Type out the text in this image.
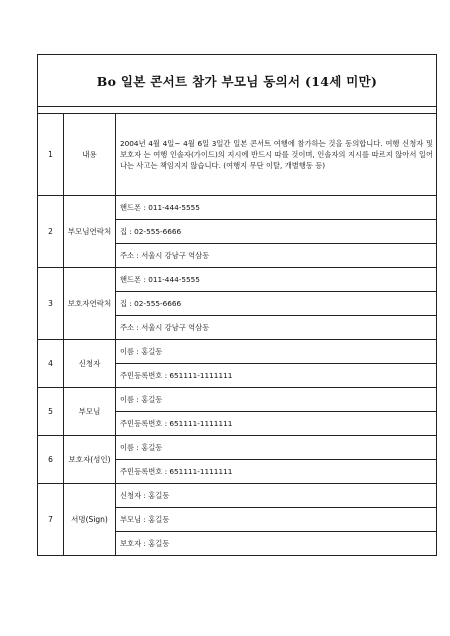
Bo 일본 콘서트 참가 부모님 동의서 (14세 미만)		

1	내용	2004년 4월 4일~ 4월 6일 3일간 일본 콘서트 여행에 참가하는 것을 동의합니다. 여행 신청자 및 보호자 는 여행 인솔자(가이드)의 지시에 반드시 따를 것이며, 인솔자의 지시를 따르지 않아서 일어나는 사고는 책임지지 않습니다. (여행지 무단 이탈, 개별행동 등)
2	부모님연락처	핸드폰 : 011-444-5555
		집 : 02-555-6666
		주소 : 서울시 강남구 역삼동
3	보호자연락처	핸드폰 : 011-444-5555
		집 : 02-555-6666
		주소 : 서울시 강남구 역삼동
4	신청자	이름 : 홍길동
		주민등록번호 : 651111-1111111
5	부모님	이름 : 홍길동
		주민등록번호 : 651111-1111111
6	보호자(성인)	이름 : 홍길동
		주민등록번호 : 651111-1111111
7	서명(Sign)	신청자 : 홍길동
		부모님 : 홍길동
		보호자 : 홍길동
